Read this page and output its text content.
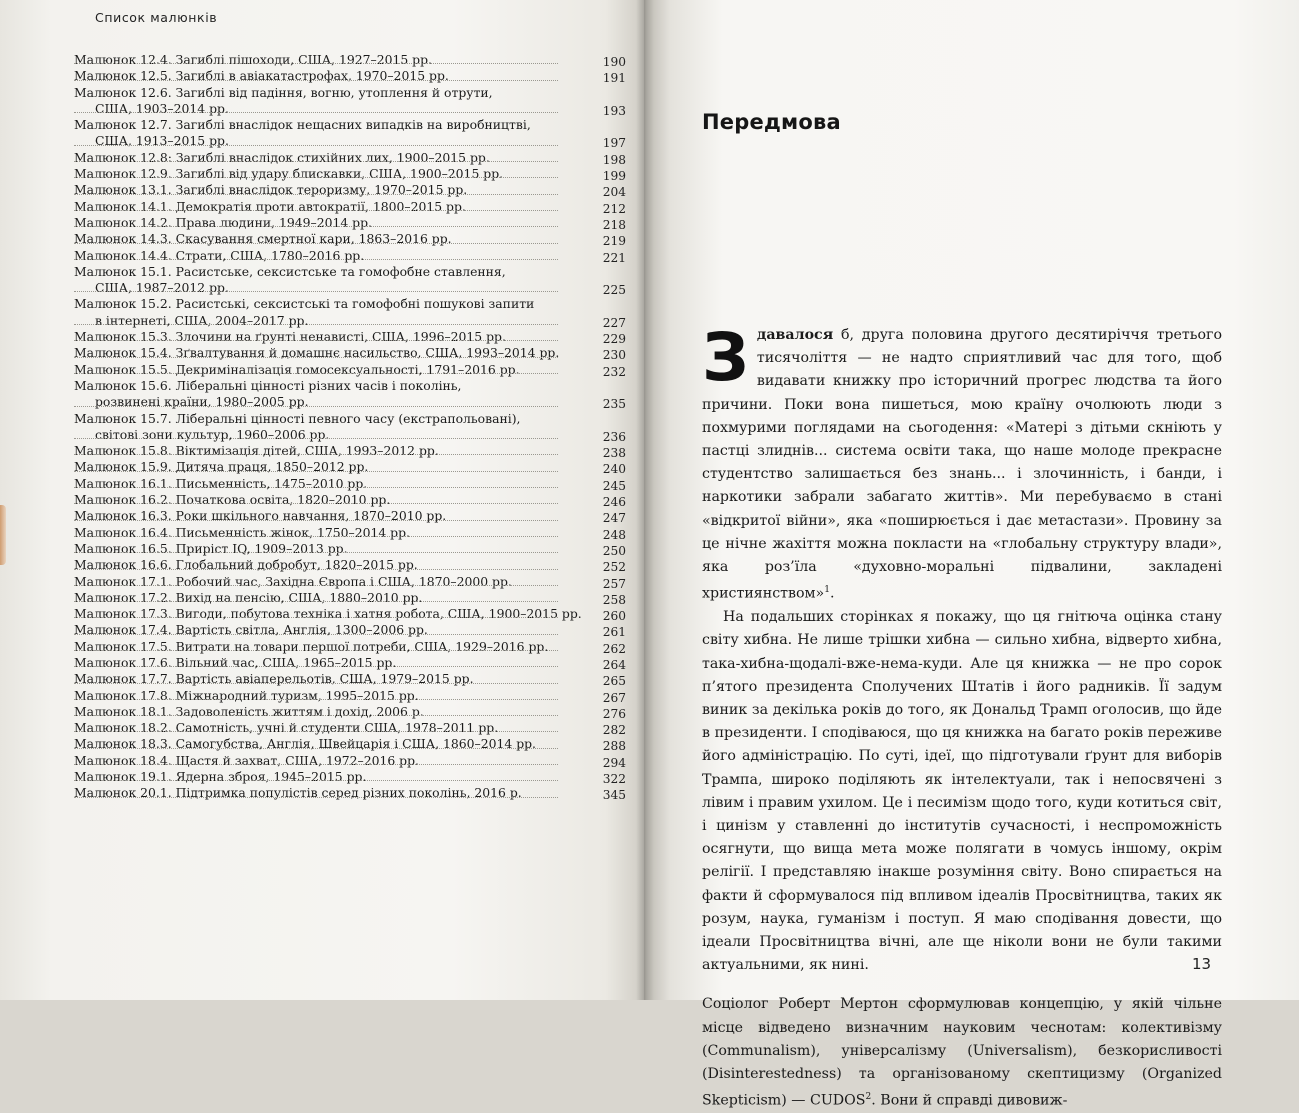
Список малюнків
Малюнок 12.4. Загиблі пішоходи, США, 1927–2015 рр.	190
Малюнок 12.5. Загиблі в авіакатастрофах, 1970–2015 рр.	191
Малюнок 12.6. Загиблі від падіння, вогню, утоплення й отрути,
США, 1903–2014 рр.	193
Малюнок 12.7. Загиблі внаслідок нещасних випадків на виробництві,
США, 1913–2015 рр.	197
Малюнок 12.8: Загиблі внаслідок стихійних лих, 1900–2015 рр.	198
Малюнок 12.9. Загиблі від удару блискавки, США, 1900–2015 рр.	199
Малюнок 13.1. Загиблі внаслідок тероризму, 1970–2015 рр.	204
Малюнок 14.1. Демократія проти автократії, 1800–2015 рр.	212
Малюнок 14.2. Права людини, 1949–2014 рр.	218
Малюнок 14.3. Скасування смертної кари, 1863–2016 рр.	219
Малюнок 14.4. Страти, США, 1780–2016 рр.	221
Малюнок 15.1. Расистське, сексистське та гомофобне ставлення,
США, 1987–2012 рр.	225
Малюнок 15.2. Расистські, сексистські та гомофобні пошукові запити
в інтернеті, США, 2004–2017 рр.	227
Малюнок 15.3. Злочини на ґрунті ненависті, США, 1996–2015 рр.	229
Малюнок 15.4. Зґвалтування й домашнє насильство, США, 1993–2014 рр.	230
Малюнок 15.5. Декриміналізація гомосексуальності, 1791–2016 рр.	232
Малюнок 15.6. Ліберальні цінності різних часів і поколінь,
розвинені країни, 1980–2005 рр.	235
Малюнок 15.7. Ліберальні цінності певного часу (екстрапольовані),
світові зони культур, 1960–2006 рр.	236
Малюнок 15.8. Віктимізація дітей, США, 1993–2012 рр.	238
Малюнок 15.9. Дитяча праця, 1850–2012 рр.	240
Малюнок 16.1. Письменність, 1475–2010 рр.	245
Малюнок 16.2. Початкова освіта, 1820–2010 рр.	246
Малюнок 16.3. Роки шкільного навчання, 1870–2010 рр.	247
Малюнок 16.4. Письменність жінок, 1750–2014 рр.	248
Малюнок 16.5. Приріст IQ, 1909–2013 рр.	250
Малюнок 16.6. Глобальний добробут, 1820–2015 рр.	252
Малюнок 17.1. Робочий час, Західна Європа і США, 1870–2000 рр.	257
Малюнок 17.2. Вихід на пенсію, США, 1880–2010 рр.	258
Малюнок 17.3. Вигоди, побутова техніка і хатня робота, США, 1900–2015 рр.	260
Малюнок 17.4. Вартість світла, Англія, 1300–2006 рр.	261
Малюнок 17.5. Витрати на товари першої потреби, США, 1929–2016 рр.	262
Малюнок 17.6. Вільний час, США, 1965–2015 рр.	264
Малюнок 17.7. Вартість авіаперельотів, США, 1979–2015 рр.	265
Малюнок 17.8. Міжнародний туризм, 1995–2015 рр.	267
Малюнок 18.1. Задоволеність життям і дохід, 2006 р.	276
Малюнок 18.2. Самотність, учні й студенти США, 1978–2011 рр.	282
Малюнок 18.3. Самогубства, Англія, Швейцарія і США, 1860–2014 рр.	288
Малюнок 18.4. Щастя й захват, США, 1972–2016 рр.	294
Малюнок 19.1. Ядерна зброя, 1945–2015 рр.	322
Малюнок 20.1. Підтримка популістів серед різних поколінь, 2016 р.	345
Передмова

Здавалося б, друга половина другого десятиріччя третього тисячоліття — не надто сприятливий час для того, щоб видавати книжку про історичний прогрес людства та його причини. Поки вона пишеться, мою країну очолюють люди з похмурими поглядами на сьогодення: «Матері з дітьми скніють у пастці злиднів... система освіти така, що наше молоде прекрасне студентство залишається без знань... і злочинність, і банди, і наркотики забрали забагато життів». Ми перебуваємо в стані «відкритої війни», яка «поширюється і дає метастази». Провину за це нічне жахіття можна покласти на «глобальну структуру влади», яка роз’їла «духовно-моральні підвалини, закладені християнством»$^1$.

На подальших сторінках я покажу, що ця гнітюча оцінка стану світу хибна. Не лише трішки хибна — сильно хибна, відверто хибна, така-хибна-щодалі-вже-нема-куди. Але ця книжка — не про сорок п’ятого президента Сполучених Штатів і його радників. Її задум виник за декілька років до того, як Дональд Трамп оголосив, що йде в президенти. І сподіваюся, що ця книжка на багато років переживе його адміністрацію. По суті, ідеї, що підготували ґрунт для виборів Трампа, широко поділяють як інтелектуали, так і непосвячені з лівим і правим ухилом. Це і песимізм щодо того, куди котиться світ, і цинізм у ставленні до інститутів сучасності, і неспроможність осягнути, що вища мета може полягати в чомусь іншому, окрім релігії. І представляю інакше розуміння світу. Воно спирається на факти й сформувалося під впливом ідеалів Просвітництва, таких як розум, наука, гуманізм і поступ. Я маю сподівання довести, що ідеали Просвітництва вічні, але ще ніколи вони не були такими актуальними, як нині.

Соціолог Роберт Мертон сформулював концепцію, у якій чільне місце відведено визначним науковим чеснотам: колективізму (Communalism), універсалізму (Universalism), безкорисливості (Disinterestedness) та організованому скептицизму (Organized Skepticism) — CUDOS$^2$. Вони й справді дивовиж-

13
